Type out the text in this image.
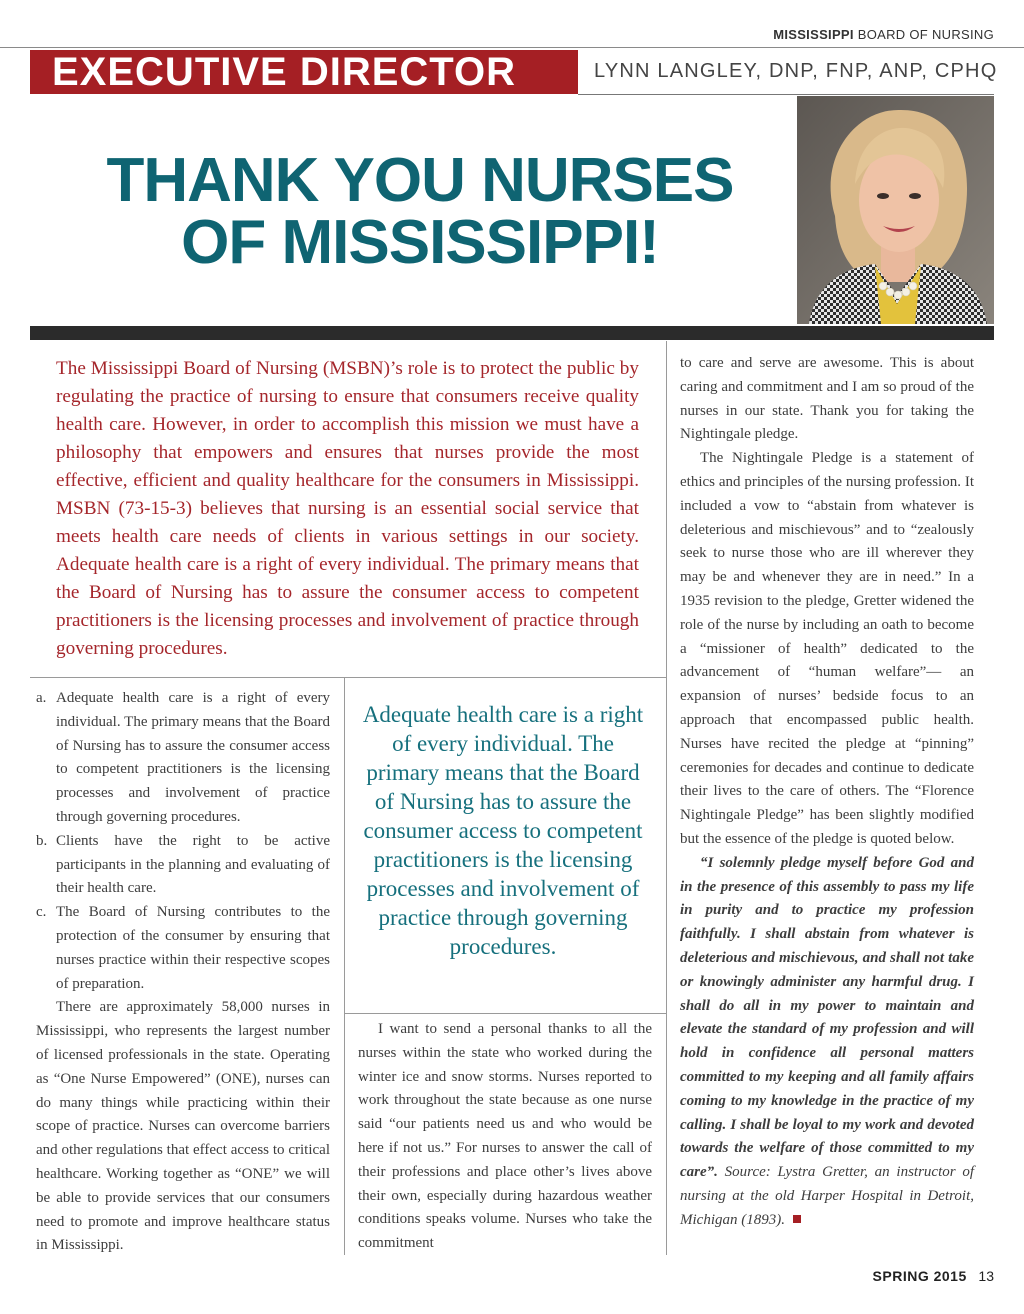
MISSISSIPPI BOARD OF NURSING
EXECUTIVE DIRECTOR	LYNN LANGLEY, DNP, FNP, ANP, CPHQ
THANK YOU NURSES
OF MISSISSIPPI!
The Mississippi Board of Nursing (MSBN)’s role is to protect the public by regulating the practice of nursing to ensure that consumers receive quality health care. However, in order to accomplish this mission we must have a philosophy that empowers and ensures that nurses provide the most effective, efficient and quality healthcare for the consumers in Mississippi. MSBN (73-15-3) believes that nursing is an essential social service that meets health care needs of clients in various settings in our society. Adequate health care is a right of every individual. The primary means that the Board of Nursing has to assure the consumer access to competent practitioners is the licensing processes and involvement of practice through governing procedures.
a. Adequate health care is a right of every individual. The primary means that the Board of Nursing has to assure the consumer access to competent practitioners is the licensing processes and involvement of practice through governing procedures.
b. Clients have the right to be active participants in the planning and evaluating of their health care.
c. The Board of Nursing contributes to the protection of the consumer by ensuring that nurses practice within their respective scopes of preparation.

There are approximately 58,000 nurses in Mississippi, who represents the largest number of licensed professionals in the state. Operating as “One Nurse Empowered” (ONE), nurses can do many things while practicing within their scope of practice. Nurses can overcome barriers and other regulations that effect access to critical healthcare. Working together as “ONE” we will be able to provide services that our consumers need to promote and improve healthcare status in Mississippi.

Adequate health care is a right of every individual. The primary means that the Board of Nursing has to assure the consumer access to competent practitioners is the licensing processes and involvement of practice through governing procedures.

I want to send a personal thanks to all the nurses within the state who worked during the winter ice and snow storms. Nurses reported to work throughout the state because as one nurse said “our patients need us and who would be here if not us.” For nurses to answer the call of their professions and place other’s lives above their own, especially during hazardous weather conditions speaks volume. Nurses who take the commitment

to care and serve are awesome. This is about caring and commitment and I am so proud of the nurses in our state. Thank you for taking the Nightingale pledge.

The Nightingale Pledge is a statement of ethics and principles of the nursing profession. It included a vow to “abstain from whatever is deleterious and mischievous” and to “zealously seek to nurse those who are ill wherever they may be and whenever they are in need.” In a 1935 revision to the pledge, Gretter widened the role of the nurse by including an oath to become a “missioner of health” dedicated to the advancement of “human welfare”— an expansion of nurses’ bedside focus to an approach that encompassed public health. Nurses have recited the pledge at “pinning” ceremonies for decades and continue to dedicate their lives to the care of others. The “Florence Nightingale Pledge” has been slightly modified but the essence of the pledge is quoted below.

“I solemnly pledge myself before God and in the presence of this assembly to pass my life in purity and to practice my profession faithfully. I shall abstain from whatever is deleterious and mischievous, and shall not take or knowingly administer any harmful drug. I shall do all in my power to maintain and elevate the standard of my profession and will hold in confidence all personal matters committed to my keeping and all family affairs coming to my knowledge in the practice of my calling. I shall be loyal to my work and devoted towards the welfare of those committed to my care”. Source: Lystra Gretter, an instructor of nursing at the old Harper Hospital in Detroit, Michigan (1893).

SPRING 2015 13
